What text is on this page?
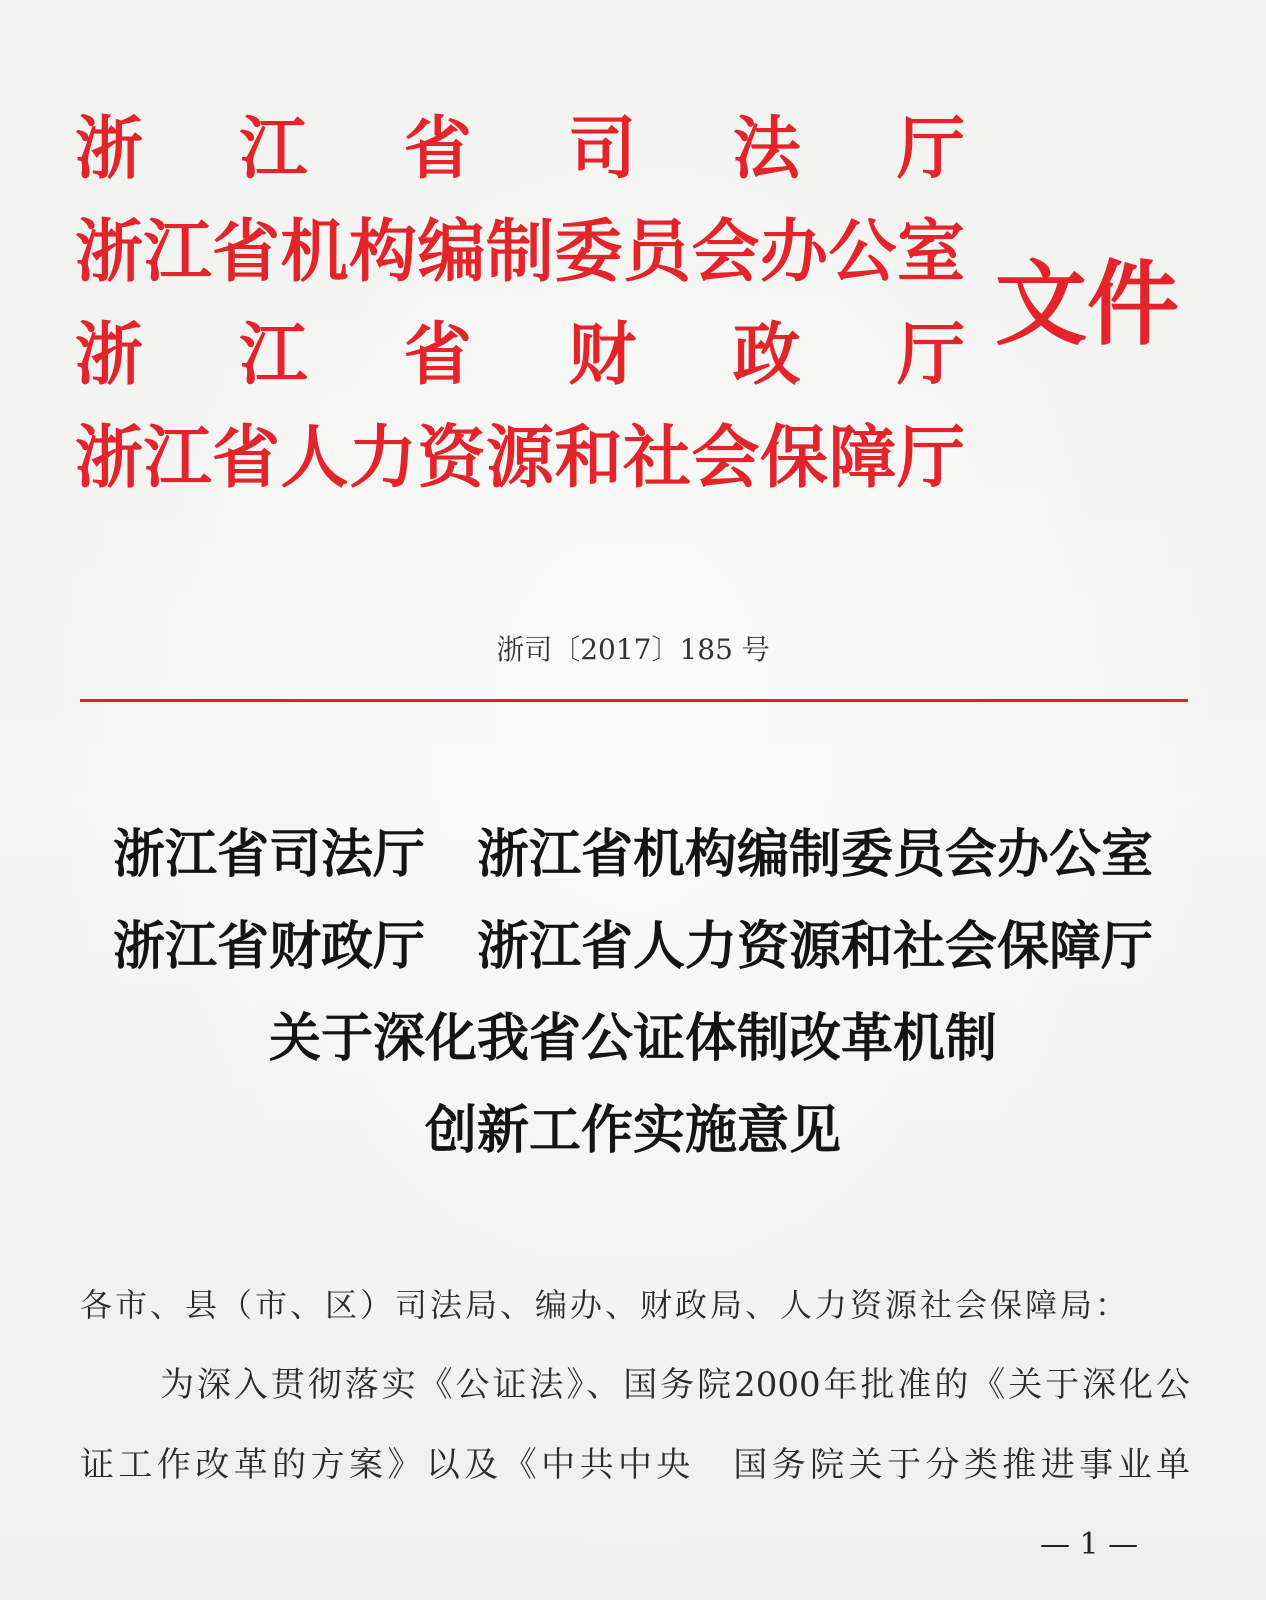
浙江省司法厅
浙江省机构编制委员会办公室
浙江省财政厅
浙江省人力资源和社会保障厅
文件
浙司〔2017〕185 号
浙江省司法厅　浙江省机构编制委员会办公室
浙江省财政厅　浙江省人力资源和社会保障厅
关于深化我省公证体制改革机制
创新工作实施意见
各市、县（市、区）司法局、编办、财政局、人力资源社会保障局：
为深入贯彻落实《公证法》、国务院2000年批准的《关于深化公
证工作改革的方案》以及《中共中央　国务院关于分类推进事业单
— 1 —
